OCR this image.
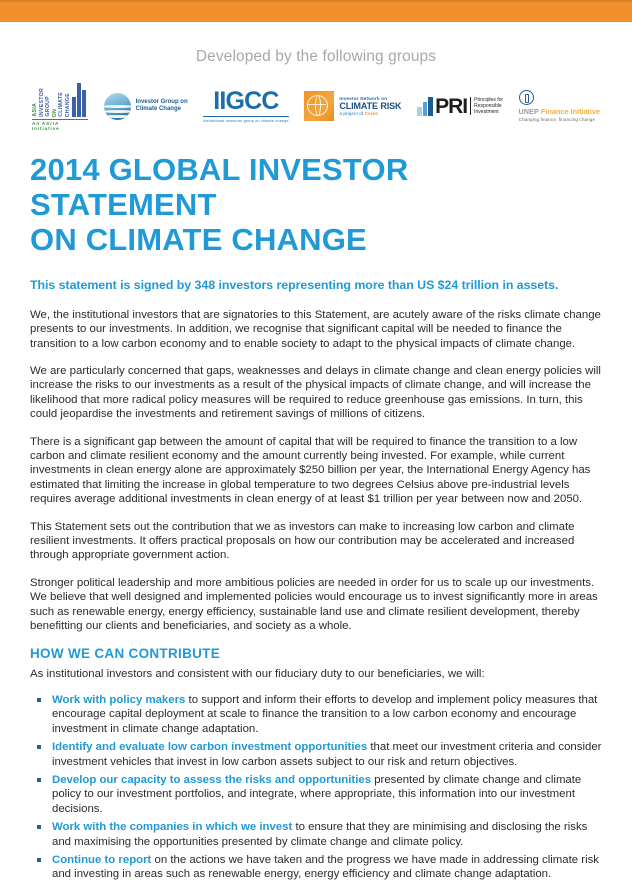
Developed by the following groups
ASIA INVESTOR GROUP ON CLIMATE CHANGE
An ASrIA Initiative
Investor Group on
Climate Change IIGCC
institutional investors group on climate change
Investor Network on
CLIMATE RISK
a project of Ceres	PRI Principles for
Responsible
Investment	UNEP Finance Initiative
Changing finance, financing change
2014 GLOBAL INVESTOR STATEMENT
ON CLIMATE CHANGE
This statement is signed by 348 investors representing more than US $24 trillion in assets.

We, the institutional investors that are signatories to this Statement, are acutely aware of the risks climate change presents to our investments. In addition, we recognise that significant capital will be needed to finance the transition to a low carbon economy and to enable society to adapt to the physical impacts of climate change.

We are particularly concerned that gaps, weaknesses and delays in climate change and clean energy policies will increase the risks to our investments as a result of the physical impacts of climate change, and will increase the likelihood that more radical policy measures will be required to reduce greenhouse gas emissions. In turn, this could jeopardise the investments and retirement savings of millions of citizens.

There is a significant gap between the amount of capital that will be required to finance the transition to a low carbon and climate resilient economy and the amount currently being invested. For example, while current investments in clean energy alone are approximately $250 billion per year, the International Energy Agency has estimated that limiting the increase in global temperature to two degrees Celsius above pre-industrial levels requires average additional investments in clean energy of at least $1 trillion per year between now and 2050.

This Statement sets out the contribution that we as investors can make to increasing low carbon and climate resilient investments. It offers practical proposals on how our contribution may be accelerated and increased through appropriate government action.

Stronger political leadership and more ambitious policies are needed in order for us to scale up our investments. We believe that well designed and implemented policies would encourage us to invest significantly more in areas such as renewable energy, energy efficiency, sustainable land use and climate resilient development, thereby benefitting our clients and beneficiaries, and society as a whole.

HOW WE CAN CONTRIBUTE
As institutional investors and consistent with our fiduciary duty to our beneficiaries, we will:
Work with policy makers to support and inform their efforts to develop and implement policy measures that encourage capital deployment at scale to finance the transition to a low carbon economy and encourage investment in climate change adaptation.
Identify and evaluate low carbon investment opportunities that meet our investment criteria and consider investment vehicles that invest in low carbon assets subject to our risk and return objectives.
Develop our capacity to assess the risks and opportunities presented by climate change and climate policy to our investment portfolios, and integrate, where appropriate, this information into our investment decisions.
Work with the companies in which we invest to ensure that they are minimising and disclosing the risks and maximising the opportunities presented by climate change and climate policy.
Continue to report on the actions we have taken and the progress we have made in addressing climate risk and investing in areas such as renewable energy, energy efficiency and climate change adaptation.
